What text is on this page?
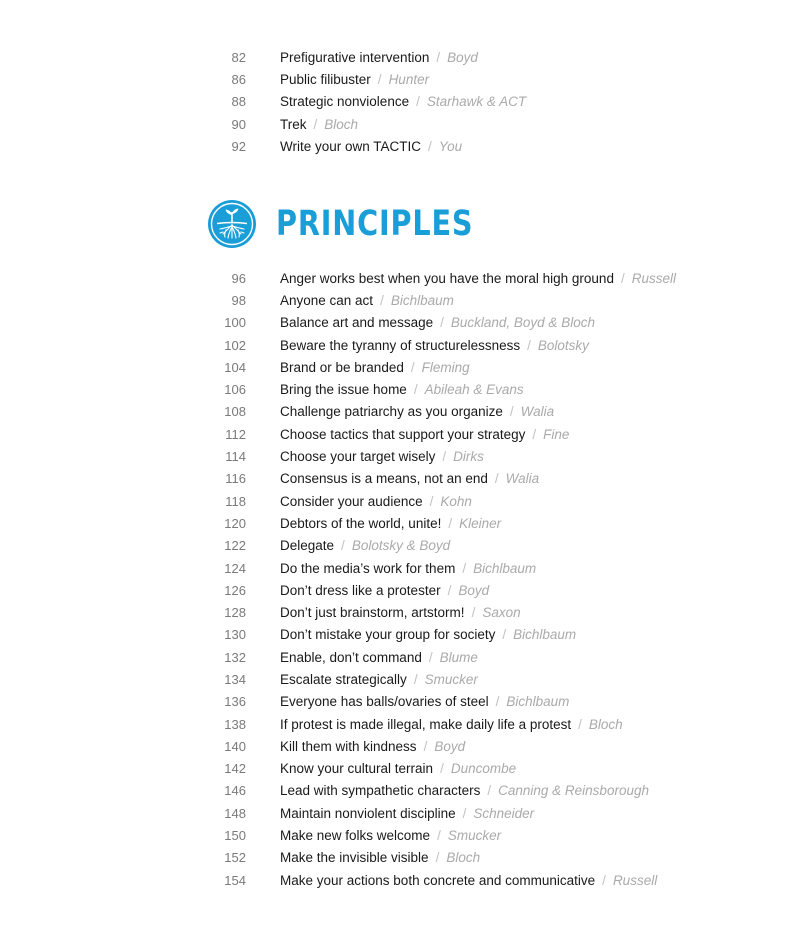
82	Prefigurative intervention / Boyd
86	Public filibuster / Hunter
88	Strategic nonviolence / Starhawk & ACT
90	Trek / Bloch
92	Write your own TACTIC / You
PRINCIPLES
96	Anger works best when you have the moral high ground / Russell
98	Anyone can act / Bichlbaum
100	Balance art and message / Buckland, Boyd & Bloch
102	Beware the tyranny of structurelessness / Bolotsky
104	Brand or be branded / Fleming
106	Bring the issue home / Abileah & Evans
108	Challenge patriarchy as you organize / Walia
112	Choose tactics that support your strategy / Fine
114	Choose your target wisely / Dirks
116	Consensus is a means, not an end / Walia
118	Consider your audience / Kohn
120	Debtors of the world, unite! / Kleiner
122	Delegate / Bolotsky & Boyd
124	Do the media’s work for them / Bichlbaum
126	Don’t dress like a protester / Boyd
128	Don’t just brainstorm, artstorm! / Saxon
130	Don’t mistake your group for society / Bichlbaum
132	Enable, don’t command / Blume
134	Escalate strategically / Smucker
136	Everyone has balls/ovaries of steel / Bichlbaum
138	If protest is made illegal, make daily life a protest / Bloch
140	Kill them with kindness / Boyd
142	Know your cultural terrain / Duncombe
146	Lead with sympathetic characters / Canning & Reinsborough
148	Maintain nonviolent discipline / Schneider
150	Make new folks welcome / Smucker
152	Make the invisible visible / Bloch
154	Make your actions both concrete and communicative / Russell
